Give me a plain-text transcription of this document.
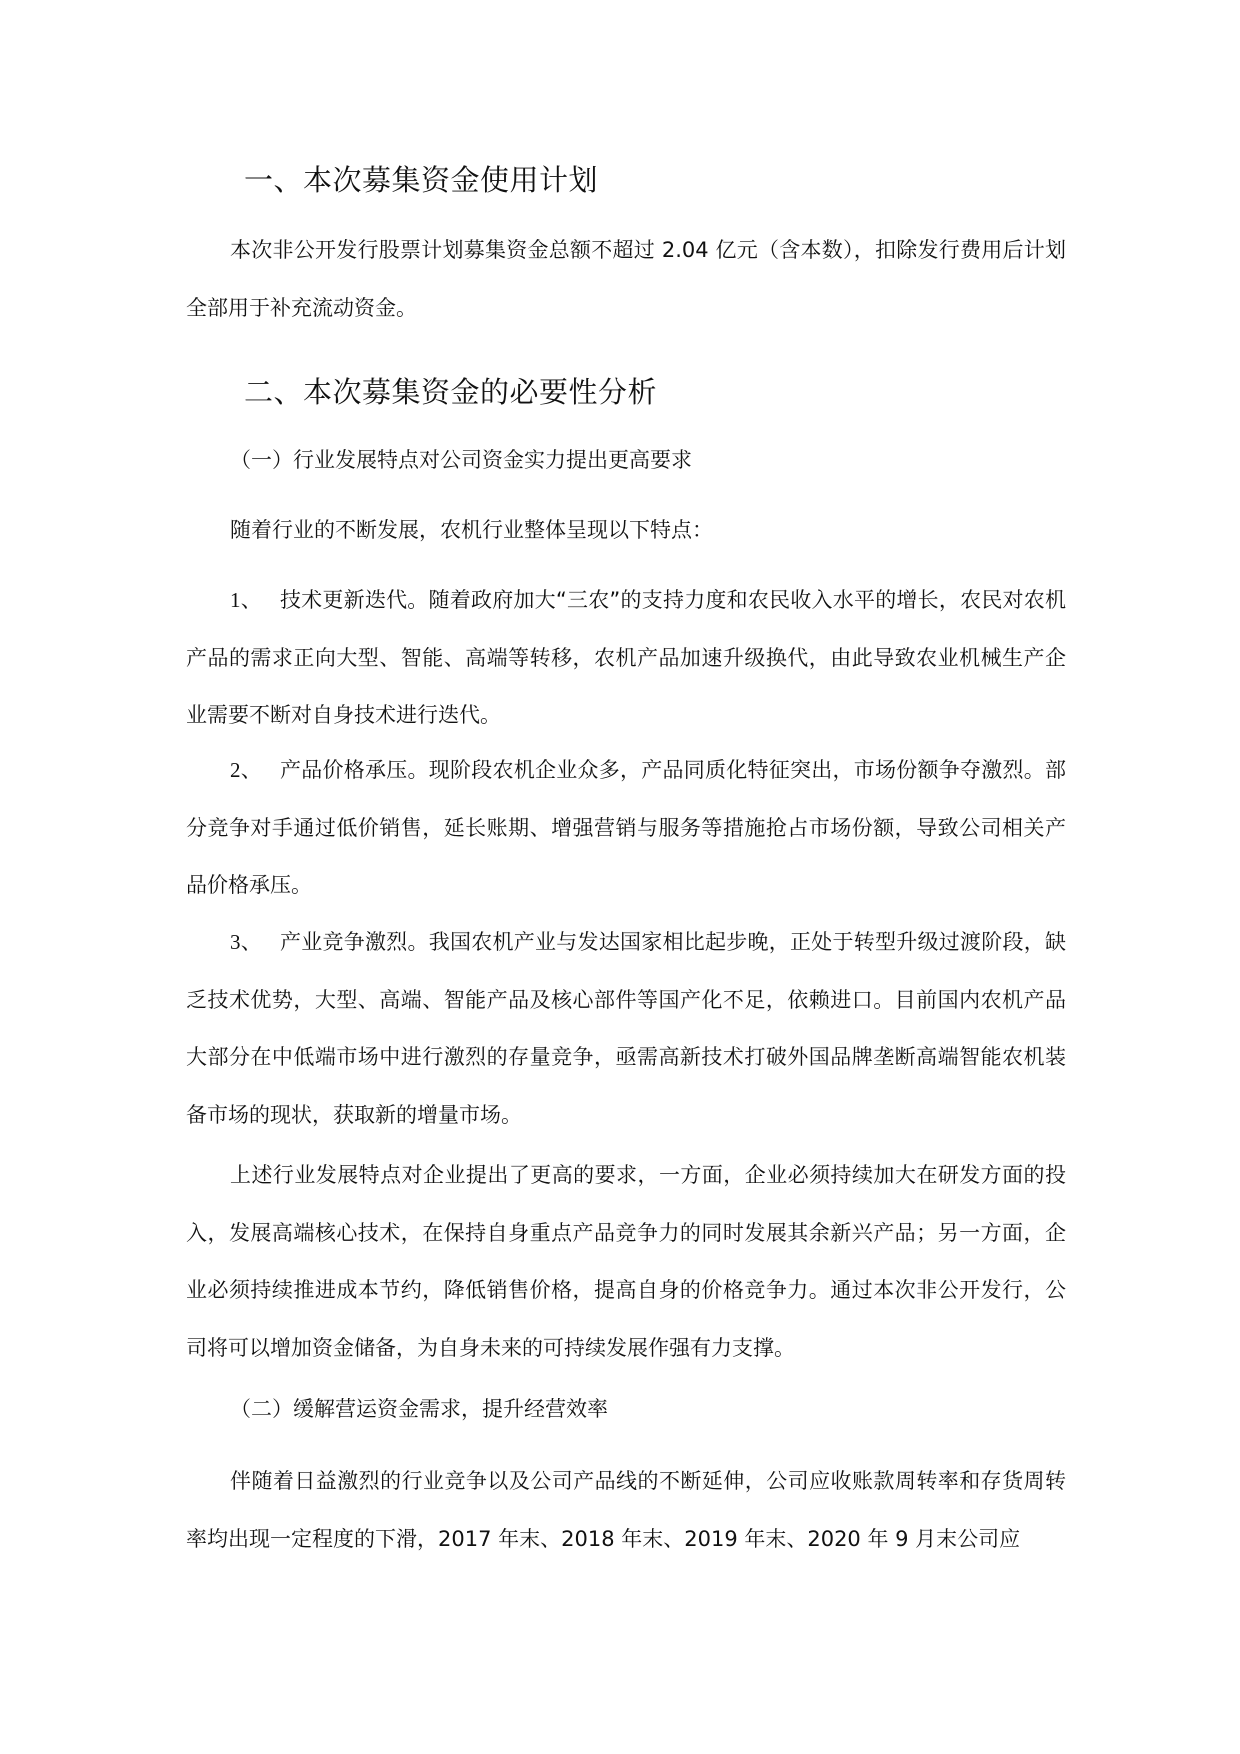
一、本次募集资金使用计划

本次非公开发行股票计划募集资金总额不超过 2.04 亿元（含本数），扣除发行费用后计划全部用于补充流动资金。

二、本次募集资金的必要性分析
（一）行业发展特点对公司资金实力提出更高要求

随着行业的不断发展，农机行业整体呈现以下特点：

1、 技术更新迭代。随着政府加大“三农”的支持力度和农民收入水平的增长，农民对农机产品的需求正向大型、智能、高端等转移，农机产品加速升级换代，由此导致农业机械生产企业需要不断对自身技术进行迭代。

2、 产品价格承压。现阶段农机企业众多，产品同质化特征突出，市场份额争夺激烈。部分竞争对手通过低价销售，延长账期、增强营销与服务等措施抢占市场份额，导致公司相关产品价格承压。

3、 产业竞争激烈。我国农机产业与发达国家相比起步晚，正处于转型升级过渡阶段，缺乏技术优势，大型、高端、智能产品及核心部件等国产化不足，依赖进口。目前国内农机产品大部分在中低端市场中进行激烈的存量竞争，亟需高新技术打破外国品牌垄断高端智能农机装备市场的现状，获取新的增量市场。

上述行业发展特点对企业提出了更高的要求，一方面，企业必须持续加大在研发方面的投入，发展高端核心技术，在保持自身重点产品竞争力的同时发展其余新兴产品；另一方面，企业必须持续推进成本节约，降低销售价格，提高自身的价格竞争力。通过本次非公开发行，公司将可以增加资金储备，为自身未来的可持续发展作强有力支撑。

（二）缓解营运资金需求，提升经营效率

伴随着日益激烈的行业竞争以及公司产品线的不断延伸，公司应收账款周转率和存货周转率均出现一定程度的下滑，2017 年末、2018 年末、2019 年末、2020 年 9 月末公司应
